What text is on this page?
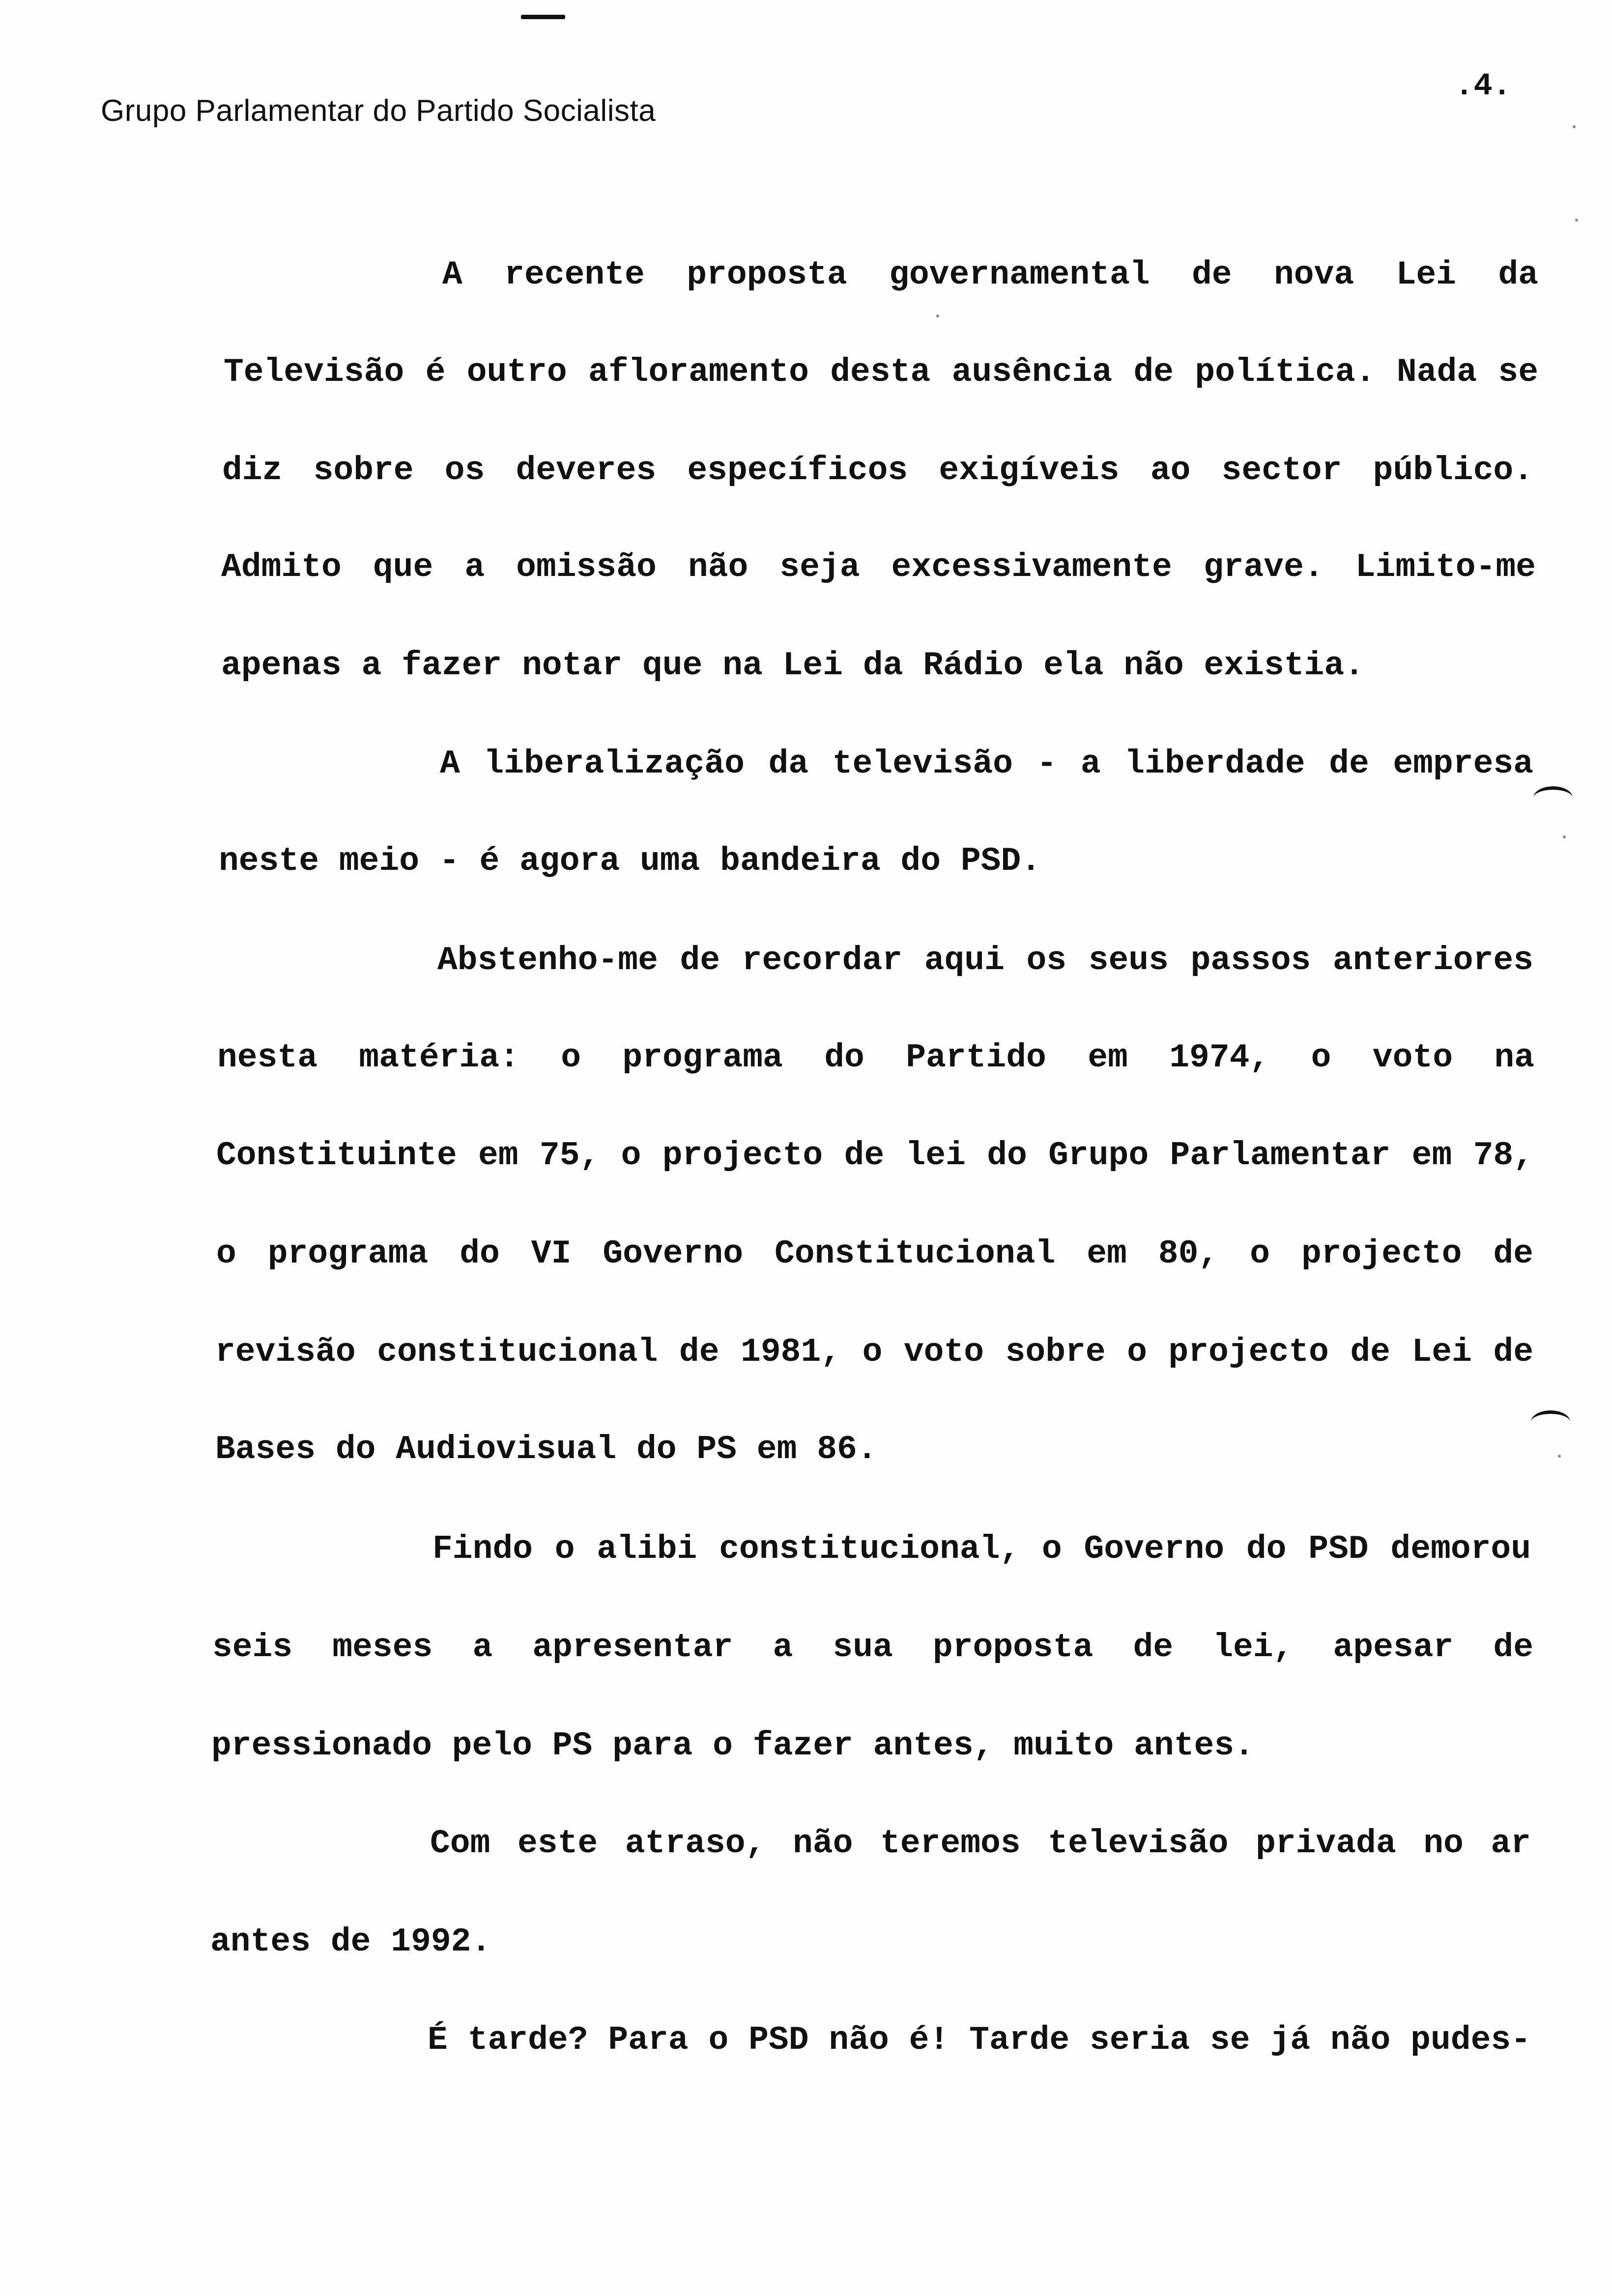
Grupo Parlamentar do Partido Socialista
.4.
A recente proposta governamental de nova Lei da
Televisão é outro afloramento desta ausência de política. Nada se
diz sobre os deveres específicos exigíveis ao sector público.
Admito que a omissão não seja excessivamente grave. Limito-me
apenas a fazer notar que na Lei da Rádio ela não existia.
A liberalização da televisão - a liberdade de empresa
neste meio - é agora uma bandeira do PSD.
Abstenho-me de recordar aqui os seus passos anteriores
nesta matéria: o programa do Partido em 1974, o voto na
Constituinte em 75, o projecto de lei do Grupo Parlamentar em 78,
o programa do VI Governo Constitucional em 80, o projecto de
revisão constitucional de 1981, o voto sobre o projecto de Lei de
Bases do Audiovisual do PS em 86.
Findo o alibi constitucional, o Governo do PSD demorou
seis meses a apresentar a sua proposta de lei, apesar de
pressionado pelo PS para o fazer antes, muito antes.
Com este atraso, não teremos televisão privada no ar
antes de 1992.
É tarde? Para o PSD não é! Tarde seria se já não pudes-
